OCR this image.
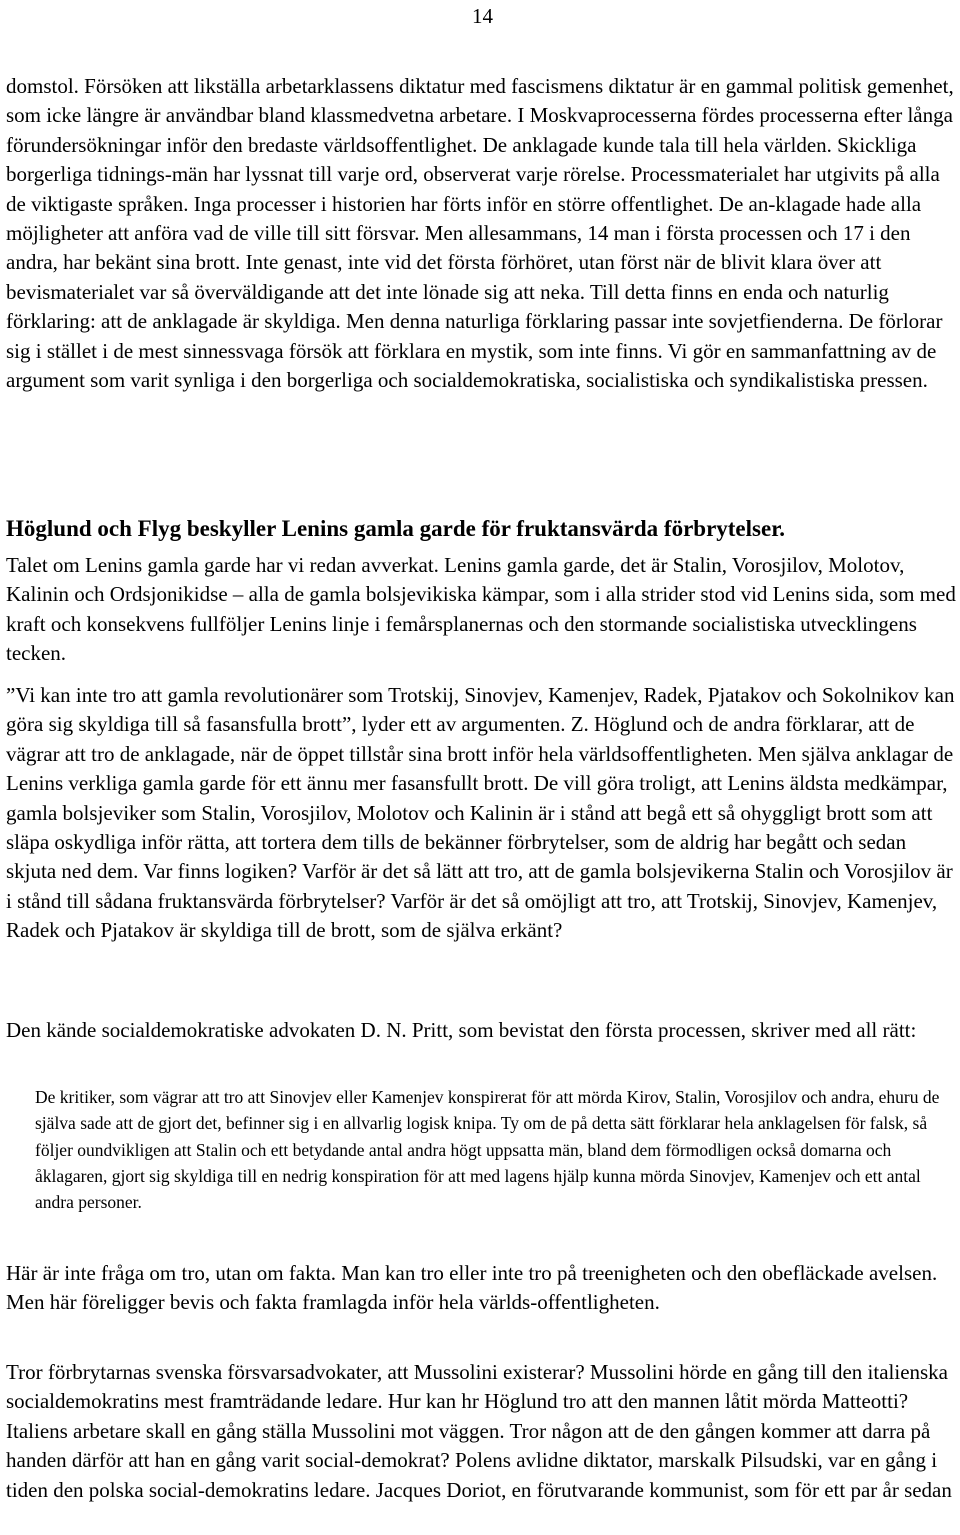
14

domstol. Försöken att likställa arbetarklassens diktatur med fascismens diktatur är en gammal politisk gemenhet, som icke längre är användbar bland klassmedvetna arbetare. I Moskvaprocesserna fördes processerna efter långa förundersökningar inför den bredaste världsoffentlighet. De anklagade kunde tala till hela världen. Skickliga borgerliga tidnings-män har lyssnat till varje ord, observerat varje rörelse. Processmaterialet har utgivits på alla de viktigaste språken. Inga processer i historien har förts inför en större offentlighet. De an-klagade hade alla möjligheter att anföra vad de ville till sitt försvar. Men allesammans, 14 man i första processen och 17 i den andra, har bekänt sina brott. Inte genast, inte vid det första förhöret, utan först när de blivit klara över att bevismaterialet var så överväldigande att det inte lönade sig att neka. Till detta finns en enda och naturlig förklaring: att de anklagade är skyldiga. Men denna naturliga förklaring passar inte sovjetfienderna. De förlorar sig i stället i de mest sinnessvaga försök att förklara en mystik, som inte finns. Vi gör en sammanfattning av de argument som varit synliga i den borgerliga och socialdemokratiska, socialistiska och syndikalistiska pressen.

Höglund och Flyg beskyller Lenins gamla garde för fruktansvärda förbrytelser.

Talet om Lenins gamla garde har vi redan avverkat. Lenins gamla garde, det är Stalin, Vorosjilov, Molotov, Kalinin och Ordsjonikidse – alla de gamla bolsjevikiska kämpar, som i alla strider stod vid Lenins sida, som med kraft och konsekvens fullföljer Lenins linje i femårsplanernas och den stormande socialistiska utvecklingens tecken.

”Vi kan inte tro att gamla revolutionärer som Trotskij, Sinovjev, Kamenjev, Radek, Pjatakov och Sokolnikov kan göra sig skyldiga till så fasansfulla brott”, lyder ett av argumenten. Z. Höglund och de andra förklarar, att de vägrar att tro de anklagade, när de öppet tillstår sina brott inför hela världsoffentligheten. Men själva anklagar de Lenins verkliga gamla garde för ett ännu mer fasansfullt brott. De vill göra troligt, att Lenins äldsta medkämpar, gamla bolsjeviker som Stalin, Vorosjilov, Molotov och Kalinin är i stånd att begå ett så ohyggligt brott som att släpa oskydliga inför rätta, att tortera dem tills de bekänner förbrytelser, som de aldrig har begått och sedan skjuta ned dem. Var finns logiken? Varför är det så lätt att tro, att de gamla bolsjevikerna Stalin och Vorosjilov är i stånd till sådana fruktansvärda förbrytelser? Varför är det så omöjligt att tro, att Trotskij, Sinovjev, Kamenjev, Radek och Pjatakov är skyldiga till de brott, som de själva erkänt?

Den kände socialdemokratiske advokaten D. N. Pritt, som bevistat den första processen, skriver med all rätt:

De kritiker, som vägrar att tro att Sinovjev eller Kamenjev konspirerat för att mörda Kirov, Stalin, Vorosjilov och andra, ehuru de själva sade att de gjort det, befinner sig i en allvarlig logisk knipa. Ty om de på detta sätt förklarar hela anklagelsen för falsk, så följer oundvikligen att Stalin och ett betydande antal andra högt uppsatta män, bland dem förmodligen också domarna och åklagaren, gjort sig skyldiga till en nedrig konspiration för att med lagens hjälp kunna mörda Sinovjev, Kamenjev och ett antal andra personer.

Här är inte fråga om tro, utan om fakta. Man kan tro eller inte tro på treenigheten och den obefläckade avelsen. Men här föreligger bevis och fakta framlagda inför hela världs-offentligheten.

Tror förbrytarnas svenska försvarsadvokater, att Mussolini existerar? Mussolini hörde en gång till den italienska socialdemokratins mest framträdande ledare. Hur kan hr Höglund tro att den mannen låtit mörda Matteotti? Italiens arbetare skall en gång ställa Mussolini mot väggen. Tror någon att de den gången kommer att darra på handen därför att han en gång varit social-demokrat? Polens avlidne diktator, marskalk Pilsudski, var en gång i tiden den polska social-demokratins ledare. Jacques Doriot, en förutvarande kommunist, som för ett par år sedan
